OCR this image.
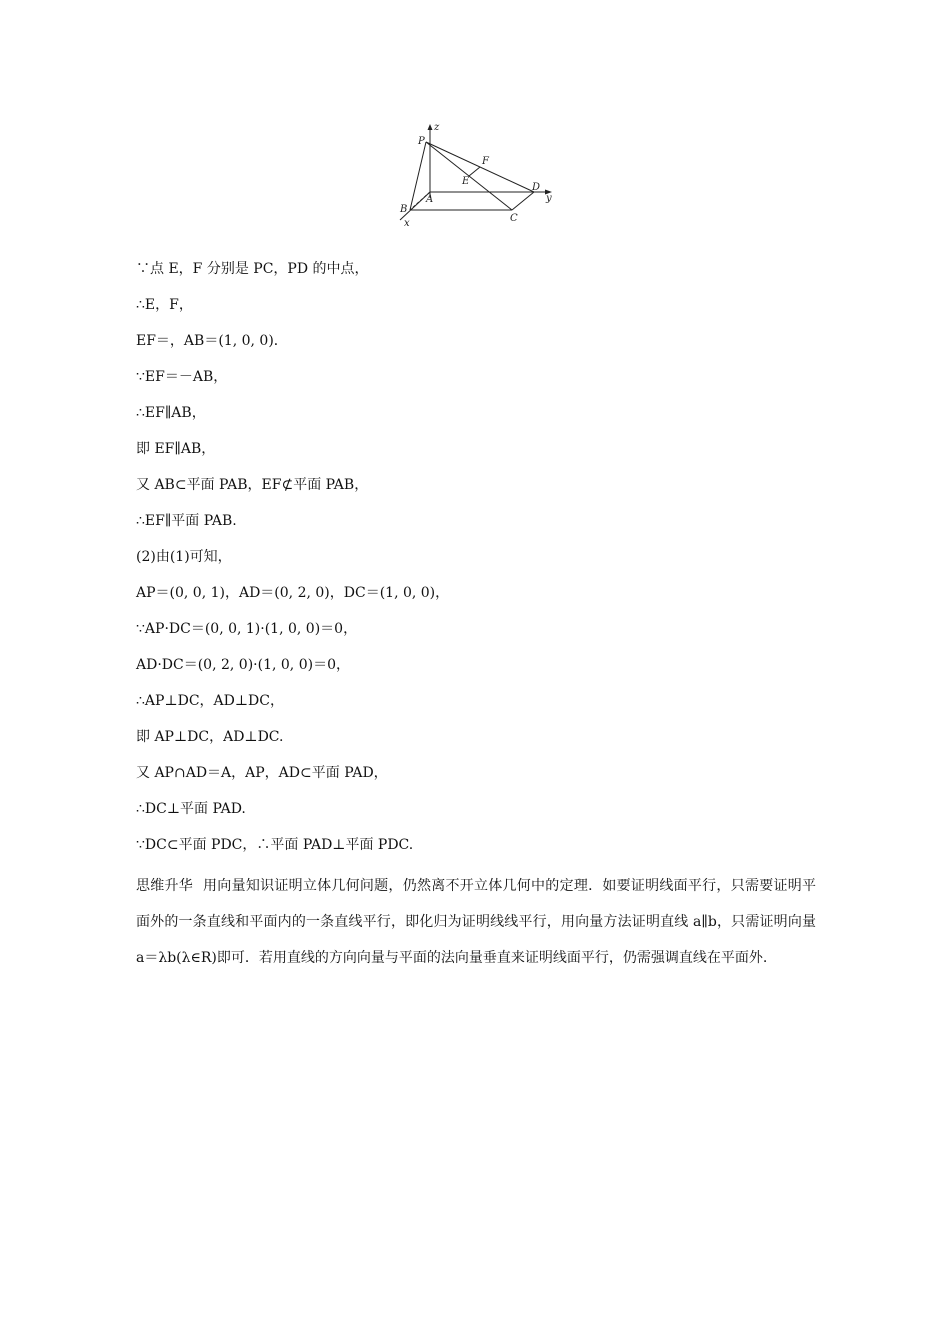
z
P
F
E
D
y
A
B
C
x
∵点 E，F 分别是 PC，PD 的中点，
∴E，F，
EF＝，AB＝(1, 0, 0)．
∵EF＝－AB，
∴EF∥AB，
即 EF∥AB，
又 AB⊂平面 PAB，EF⊄平面 PAB，
∴EF∥平面 PAB.
(2)由(1)可知，
AP＝(0, 0, 1)，AD＝(0, 2, 0)，DC＝(1, 0, 0)，
∵AP·DC＝(0, 0, 1)·(1, 0, 0)＝0，
AD·DC＝(0, 2, 0)·(1, 0, 0)＝0，
∴AP⊥DC，AD⊥DC，
即 AP⊥DC，AD⊥DC.
又 AP∩AD＝A，AP，AD⊂平面 PAD，
∴DC⊥平面 PAD.
∵DC⊂平面 PDC，∴平面 PAD⊥平面 PDC.
思维升华 用向量知识证明立体几何问题，仍然离不开立体几何中的定理．如要证明线面平行，只需要证明平面外的一条直线和平面内的一条直线平行，即化归为证明线线平行，用向量方法证明直线 a∥b，只需证明向量 a＝λb(λ∈R)即可．若用直线的方向向量与平面的法向量垂直来证明线面平行，仍需强调直线在平面外.
